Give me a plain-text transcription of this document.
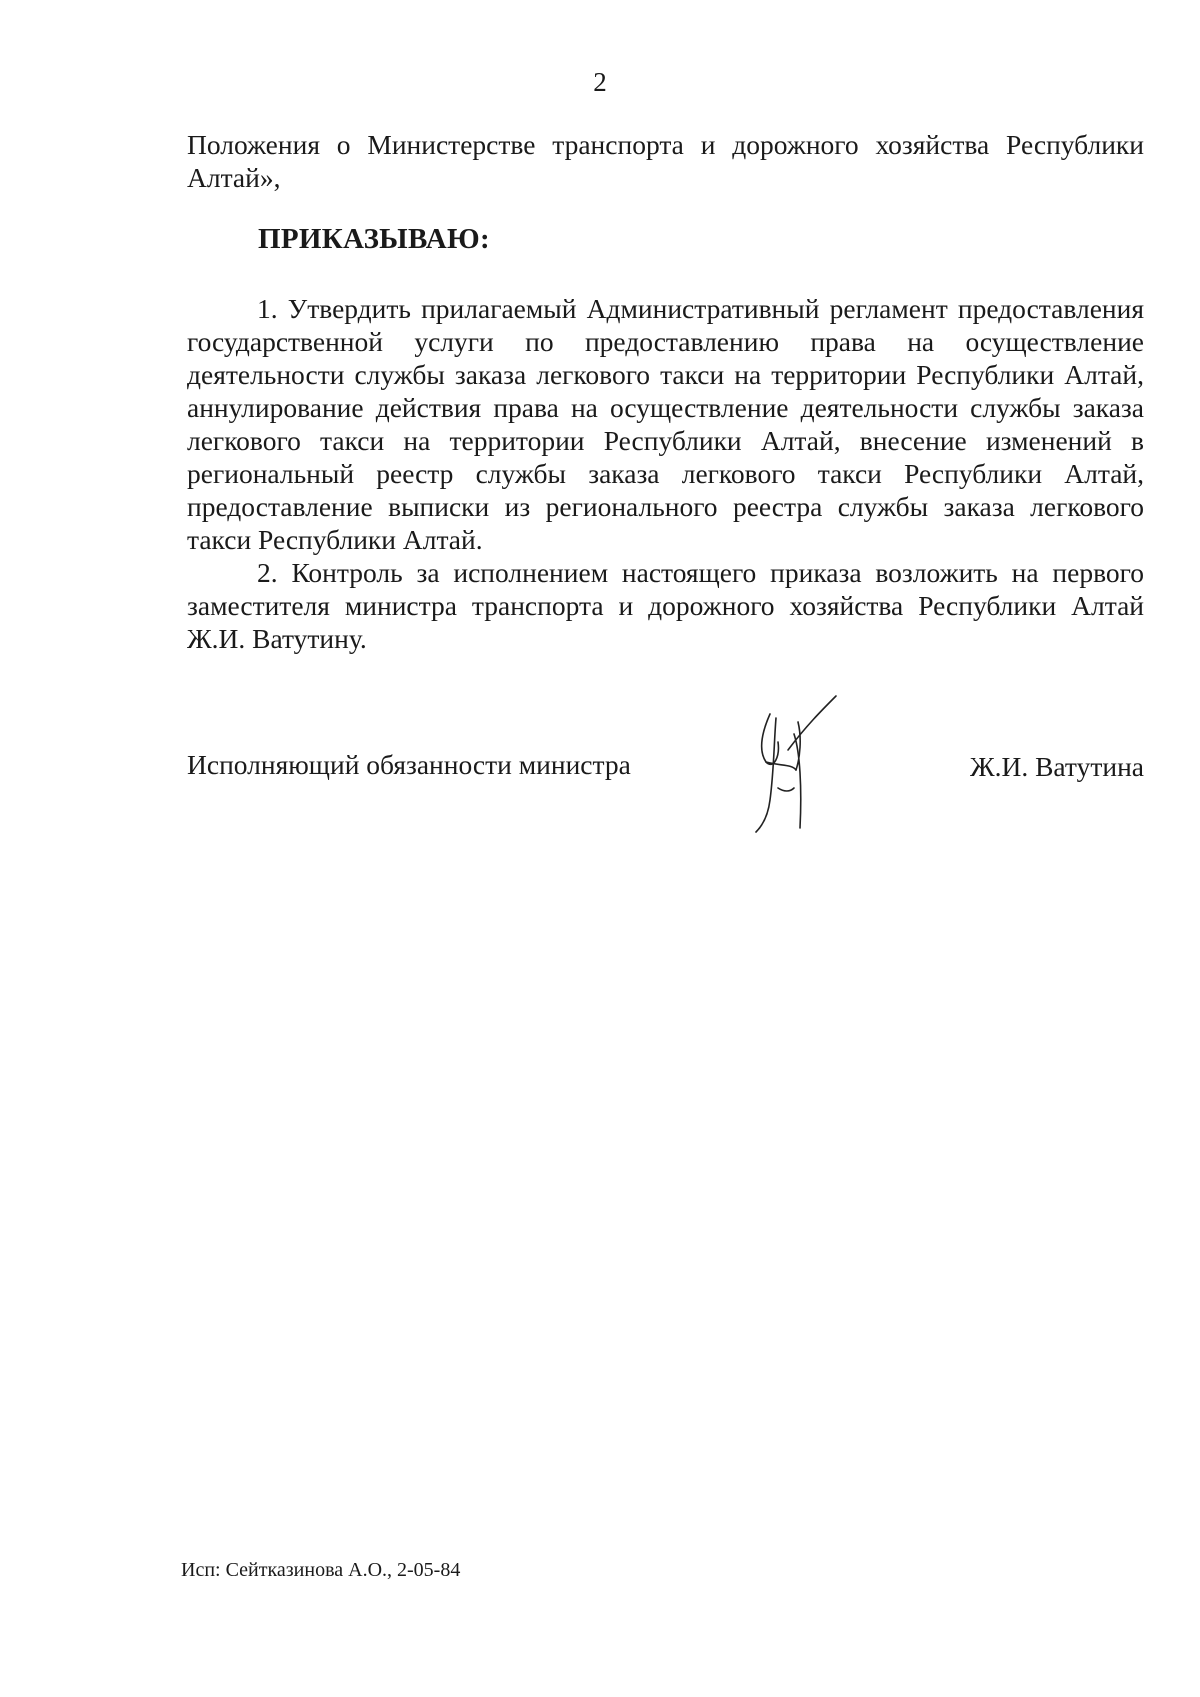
2
Положения о Министерстве транспорта и дорожного хозяйства Республики Алтай»,
ПРИКАЗЫВАЮ:

1. Утвердить прилагаемый Административный регламент предоставления государственной услуги по предоставлению права на осуществление деятельности службы заказа легкового такси на территории Республики Алтай, аннулирование действия права на осуществление деятельности службы заказа легкового такси на территории Республики Алтай, внесение изменений в региональный реестр службы заказа легкового такси Республики Алтай, предоставление выписки из регионального реестра службы заказа легкового такси Республики Алтай.

2. Контроль за исполнением настоящего приказа возложить на первого заместителя министра транспорта и дорожного хозяйства Республики Алтай Ж.И. Ватутину.

Исполняющий обязанности министра	Ж.И. Ватутина
Исп: Сейтказинова А.О., 2-05-84
